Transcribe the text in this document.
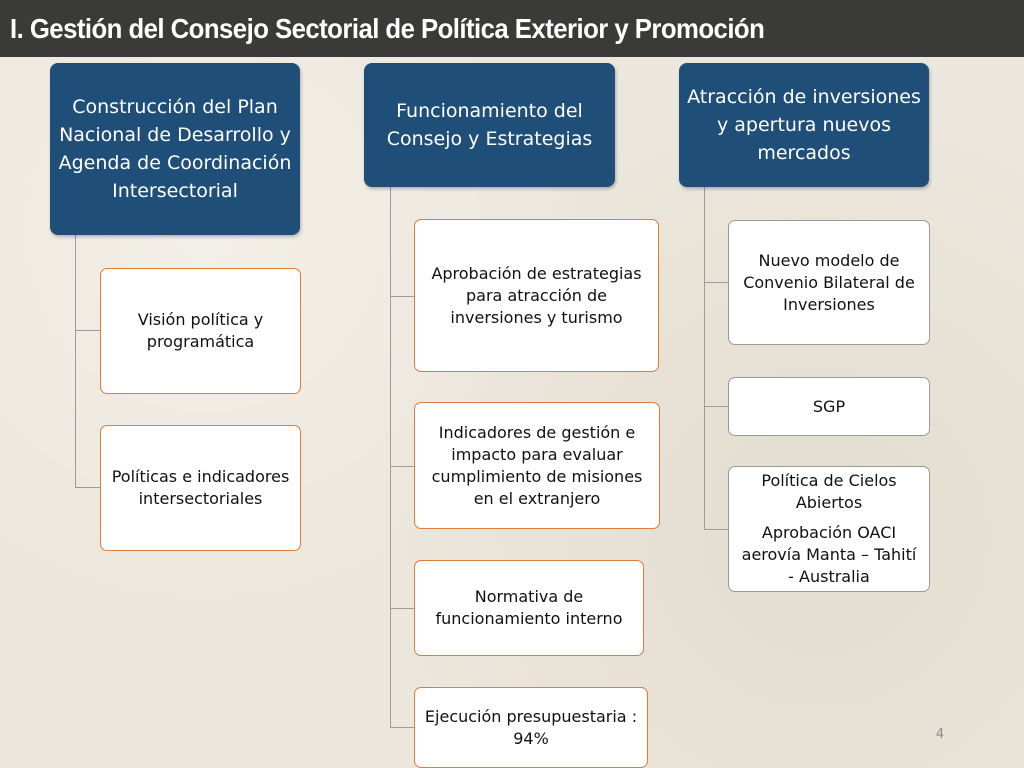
I. Gestión del Consejo Sectorial de Política Exterior y Promoción
Construcción del Plan Nacional de Desarrollo y Agenda de Coordinación Intersectorial
Visión política y programática
Políticas e indicadores intersectoriales
Funcionamiento del Consejo y Estrategias
Aprobación de estrategias para atracción de inversiones y turismo
Indicadores de gestión e impacto para evaluar cumplimiento de misiones en el extranjero
Normativa de funcionamiento interno
Ejecución presupuestaria : 94%
Atracción de inversiones y apertura nuevos mercados
Nuevo modelo de Convenio Bilateral de Inversiones
SGP
Política de Cielos Abiertos
Aprobación OACI aerovía Manta – Tahití - Australia
4
